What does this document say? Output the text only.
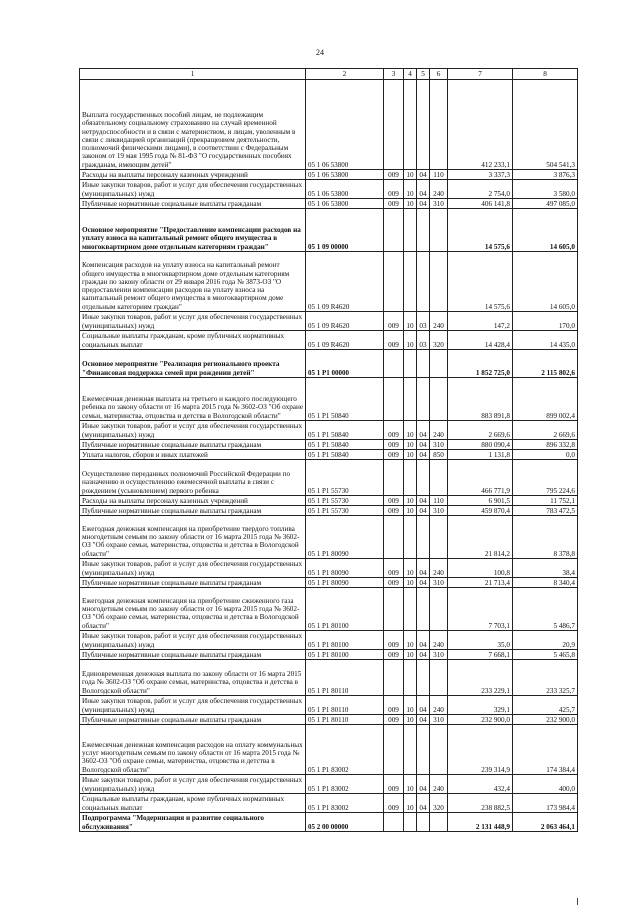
24
1	2	3	4	5	6	7	8
Выплата государственных пособий лицам, не подлежащим обязательному социальному страхованию на случай временной нетрудоспособности и в связи с материнством, и лицам, уволенным в связи с ликвидацией организаций (прекращением деятельности, полномочий физическими лицами), в соответствии с Федеральным законом от 19 мая 1995 года № 81-ФЗ "О государственных пособиях гражданам, имеющим детей"	05 1 06 53800					412 233,1	504 541,3
Расходы на выплаты персоналу казенных учреждений	05 1 06 53800	009	10	04	110	3 337,3	3 876,3
Иные закупки товаров, работ и услуг для обеспечения государственных (муниципальных) нужд	05 1 06 53800	009	10	04	240	2 754,0	3 580,0
Публичные нормативные социальные выплаты гражданам	05 1 06 53800	009	10	04	310	406 141,8	497 085,0
Основное мероприятие "Предоставление компенсации расходов на уплату взноса на капитальный ремонт общего имущества в многоквартирном доме отдельным категориям граждан"	05 1 09 00000					14 575,6	14 605,0
Компенсация расходов на уплату взноса на капитальный ремонт общего имущества в многоквартирном доме отдельным категориям граждан по закону области от 29 января 2016 года № 3873-ОЗ "О предоставлении компенсации расходов на уплату взноса на капитальный ремонт общего имущества в многоквартирном доме отдельным категориям граждан"	05 1 09 R4620					14 575,6	14 605,0
Иные закупки товаров, работ и услуг для обеспечения государственных (муниципальных) нужд	05 1 09 R4620	009	10	03	240	147,2	170,0
Социальные выплаты гражданам, кроме публичных нормативных социальных выплат	05 1 09 R4620	009	10	03	320	14 428,4	14 435,0
Основное мероприятие "Реализация регионального проекта "Финансовая поддержка семей при рождении детей"	05 1 P1 00000					1 852 725,0	2 115 802,6
Ежемесячная денежная выплата на третьего и каждого последующего ребенка по закону области от 16 марта 2015 года № 3602-ОЗ "Об охране семьи, материнства, отцовства и детства в Вологодской области"	05 1 P1 50840					883 891,8	899 002,4
Иные закупки товаров, работ и услуг для обеспечения государственных (муниципальных) нужд	05 1 P1 50840	009	10	04	240	2 669,6	2 669,6
Публичные нормативные социальные выплаты гражданам	05 1 P1 50840	009	10	04	310	880 090,4	896 332,8
Уплата налогов, сборов и иных платежей	05 1 P1 50840	009	10	04	850	1 131,8	0,0
Осуществление переданных полномочий Российской Федерации по назначению и осуществлению ежемесячной выплаты в связи с рождением (усыновлением) первого ребенка	05 1 P1 55730					466 771,9	795 224,6
Расходы на выплаты персоналу казенных учреждений	05 1 P1 55730	009	10	04	110	6 901,5	11 752,1
Публичные нормативные социальные выплаты гражданам	05 1 P1 55730	009	10	04	310	459 870,4	783 472,5
Ежегодная денежная компенсация на приобретение твердого топлива многодетным семьям по закону области от 16 марта 2015 года № 3602-ОЗ "Об охране семьи, материнства, отцовства и детства в Вологодской области"	05 1 P1 80090					21 814,2	8 378,8
Иные закупки товаров, работ и услуг для обеспечения государственных (муниципальных) нужд	05 1 P1 80090	009	10	04	240	100,8	38,4
Публичные нормативные социальные выплаты гражданам	05 1 P1 80090	009	10	04	310	21 713,4	8 340,4
Ежегодная денежная компенсация на приобретение сжиженного газа многодетным семьям по закону области от 16 марта 2015 года № 3602-ОЗ "Об охране семьи, материнства, отцовства и детства в Вологодской области"	05 1 P1 80100					7 703,1	5 486,7
Иные закупки товаров, работ и услуг для обеспечения государственных (муниципальных) нужд	05 1 P1 80100	009	10	04	240	35,0	20,9
Публичные нормативные социальные выплаты гражданам	05 1 P1 80100	009	10	04	310	7 668,1	5 465,8
Единовременная денежная выплата по закону области от 16 марта 2015 года № 3602-ОЗ "Об охране семьи, материнства, отцовства и детства в Вологодской области"	05 1 P1 80110					233 229,1	233 325,7
Иные закупки товаров, работ и услуг для обеспечения государственных (муниципальных) нужд	05 1 P1 80110	009	10	04	240	329,1	425,7
Публичные нормативные социальные выплаты гражданам	05 1 P1 80110	009	10	04	310	232 900,0	232 900,0
Ежемесячная денежная компенсация расходов на оплату коммунальных услуг многодетным семьям по закону области от 16 марта 2015 года № 3602-ОЗ "Об охране семьи, материнства, отцовства и детства в Вологодской области"	05 1 P1 83002					239 314,9	174 384,4
Иные закупки товаров, работ и услуг для обеспечения государственных (муниципальных) нужд	05 1 P1 83002	009	10	04	240	432,4	400,0
Социальные выплаты гражданам, кроме публичных нормативных социальных выплат	05 1 P1 83002	009	10	04	320	238 882,5	173 984,4
Подпрограмма "Модернизация и развитие социального обслуживания"	05 2 00 00000					2 131 448,9	2 063 464,1
